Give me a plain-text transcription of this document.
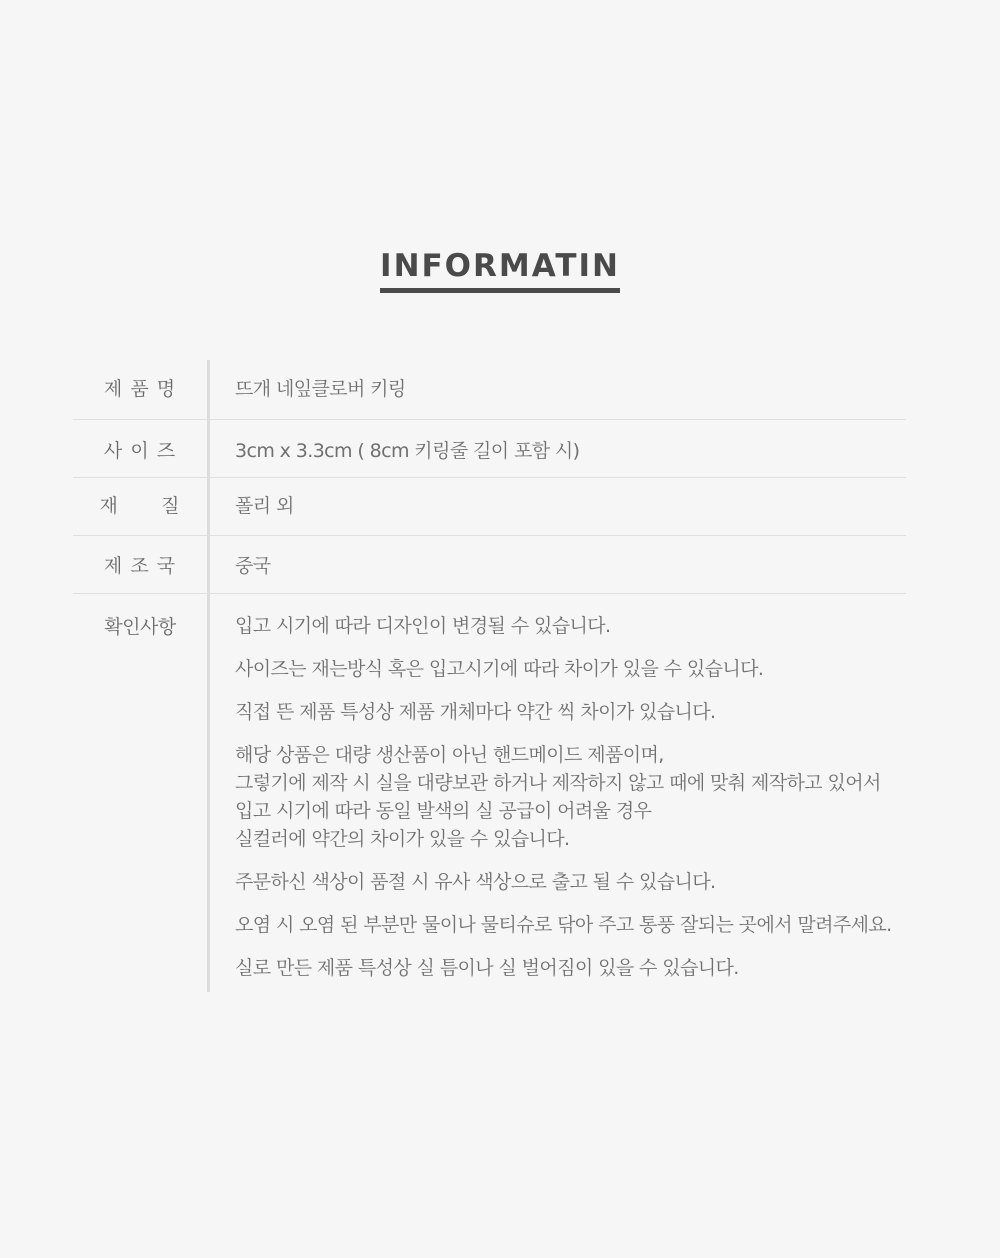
INFORMATIN
제 품 명	뜨개 네잎클로버 키링
사 이 즈	3cm x 3.3cm ( 8cm 키링줄 길이 포함 시)
재      질	폴리 외
제 조 국	중국
확인사항	입고 시기에 따라 디자인이 변경될 수 있습니다.

사이즈는 재는방식 혹은 입고시기에 따라 차이가 있을 수 있습니다.

직접 뜬 제품 특성상 제품 개체마다 약간 씩 차이가 있습니다.

해당 상품은 대량 생산품이 아닌 핸드메이드 제품이며,
그렇기에 제작 시 실을 대량보관 하거나 제작하지 않고 때에 맞춰 제작하고 있어서
입고 시기에 따라 동일 발색의 실 공급이 어려울 경우
실컬러에 약간의 차이가 있을 수 있습니다.

주문하신 색상이 품절 시 유사 색상으로 출고 될 수 있습니다.

오염 시 오염 된 부분만 물이나 물티슈로 닦아 주고 통풍 잘되는 곳에서 말려주세요.

실로 만든 제품 특성상 실 틈이나 실 벌어짐이 있을 수 있습니다.
